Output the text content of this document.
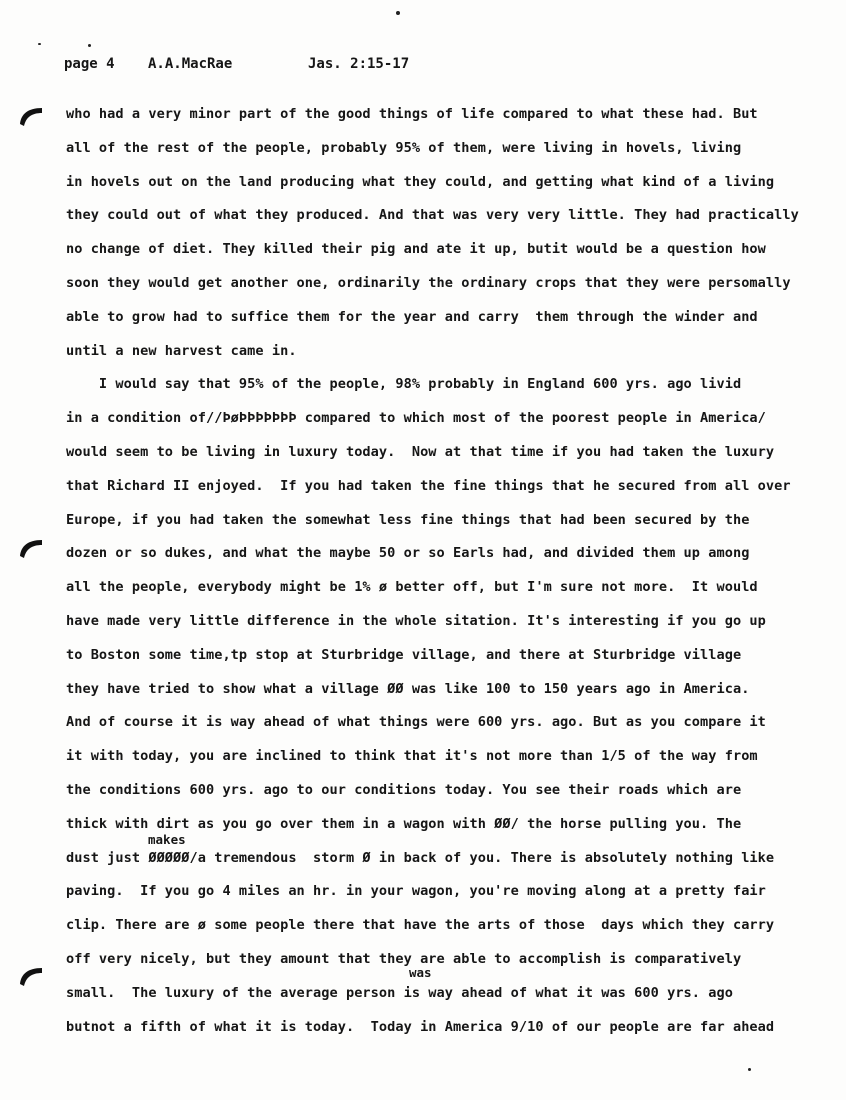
page 4

A.A.MacRae

	Jas. 2:15-17

who had a very minor part of the good things of life compared to what these had. But
all of the rest of the people, probably 95% of them, were living in hovels, living
in hovels out on the land producing what they could, and getting what kind of a living
they could out of what they produced. And that was very very little. They had practically
no change of diet. They killed their pig and ate it up, butit would be a question how
soon they would get another one, ordinarily the ordinary crops that they were persomally
able to grow had to suffice them for the year and carry  them through the winder and
until a new harvest came in.
I would say that 95% of the people, 98% probably in England 600 yrs. ago livid
in a condition of//ÞøÞÞÞÞÞÞÞ compared to which most of the poorest people in America/
would seem to be living in luxury today.  Now at that time if you had taken the luxury
that Richard II enjoyed.  If you had taken the fine things that he secured from all over
Europe, if you had taken the somewhat less fine things that had been secured by the
dozen or so dukes, and what the maybe 50 or so Earls had, and divided them up among
all the people, everybody might be 1% ø better off, but I'm sure not more.  It would
have made very little difference in the whole sitation. It's interesting if you go up
to Boston some time,tp stop at Sturbridge village, and there at Sturbridge village
they have tried to show what a village ØØ was like 100 to 150 years ago in America.
And of course it is way ahead of what things were 600 yrs. ago. But as you compare it
it with today, you are inclined to think that it's not more than 1/5 of the way from
the conditions 600 yrs. ago to our conditions today. You see their roads which are
thick with dirt as you go over them in a wagon with ØØ/ the horse pulling you. The
makes
dust just ØØØØØ/a tremendous  storm Ø in back of you. There is absolutely nothing like
paving.  If you go 4 miles an hr. in your wagon, you're moving along at a pretty fair
clip. There are ø some people there that have the arts of those  days which they carry
off very nicely, but they amount that they are able to accomplish is comparatively
was
small.  The luxury of the average person is way ahead of what it was 600 yrs. ago
butnot a fifth of what it is today.  Today in America 9/10 of our people are far ahead
